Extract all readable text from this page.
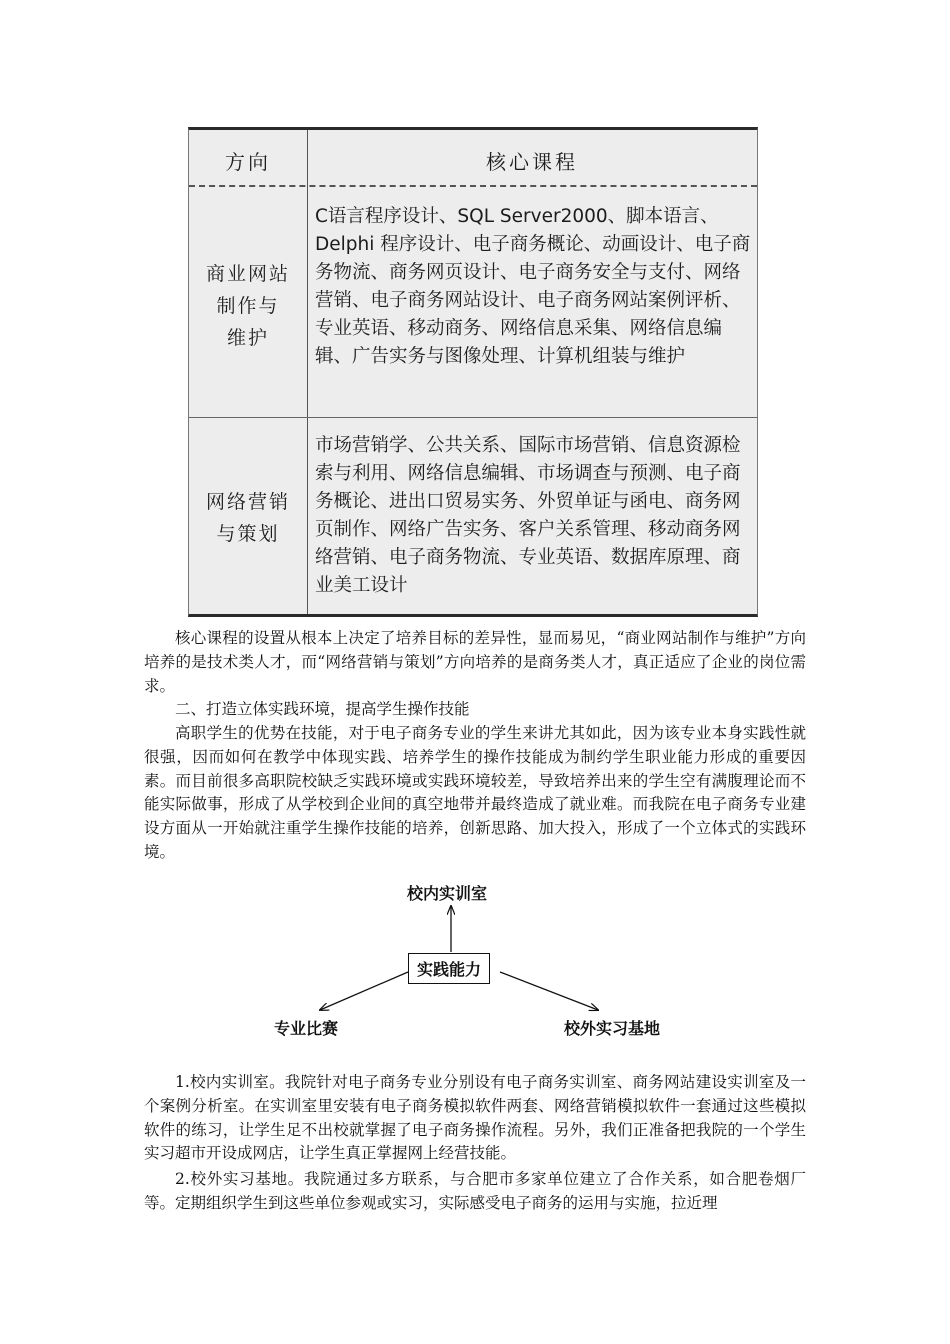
方向	核心课程
商业网站
制作与
维护
C语言程序设计、SQL Server2000、脚本语言、Delphi 程序设计、电子商务概论、动画设计、电子商务物流、商务网页设计、电子商务安全与支付、网络营销、电子商务网站设计、电子商务网站案例评析、专业英语、移动商务、网络信息采集、网络信息编辑、广告实务与图像处理、计算机组装与维护
网络营销
与策划
市场营销学、公共关系、国际市场营销、信息资源检索与利用、网络信息编辑、市场调查与预测、电子商务概论、进出口贸易实务、外贸单证与函电、商务网页制作、网络广告实务、客户关系管理、移动商务网络营销、电子商务物流、专业英语、数据库原理、商业美工设计

核心课程的设置从根本上决定了培养目标的差异性，显而易见，“商业网站制作与维护”方向培养的是技术类人才，而“网络营销与策划”方向培养的是商务类人才，真正适应了企业的岗位需求。

二、打造立体实践环境，提高学生操作技能

高职学生的优势在技能，对于电子商务专业的学生来讲尤其如此，因为该专业本身实践性就很强，因而如何在教学中体现实践、培养学生的操作技能成为制约学生职业能力形成的重要因素。而目前很多高职院校缺乏实践环境或实践环境较差，导致培养出来的学生空有满腹理论而不能实际做事，形成了从学校到企业间的真空地带并最终造成了就业难。而我院在电子商务专业建设方面从一开始就注重学生操作技能的培养，创新思路、加大投入，形成了一个立体式的实践环境。

校内实训室
实践能力
专业比赛	校外实习基地

1.校内实训室。我院针对电子商务专业分别设有电子商务实训室、商务网站建设实训室及一个案例分析室。在实训室里安装有电子商务模拟软件两套、网络营销模拟软件一套通过这些模拟软件的练习，让学生足不出校就掌握了电子商务操作流程。另外，我们正准备把我院的一个学生实习超市开设成网店，让学生真正掌握网上经营技能。

2.校外实习基地。我院通过多方联系，与合肥市多家单位建立了合作关系，如合肥卷烟厂等。定期组织学生到这些单位参观或实习，实际感受电子商务的运用与实施，拉近理
